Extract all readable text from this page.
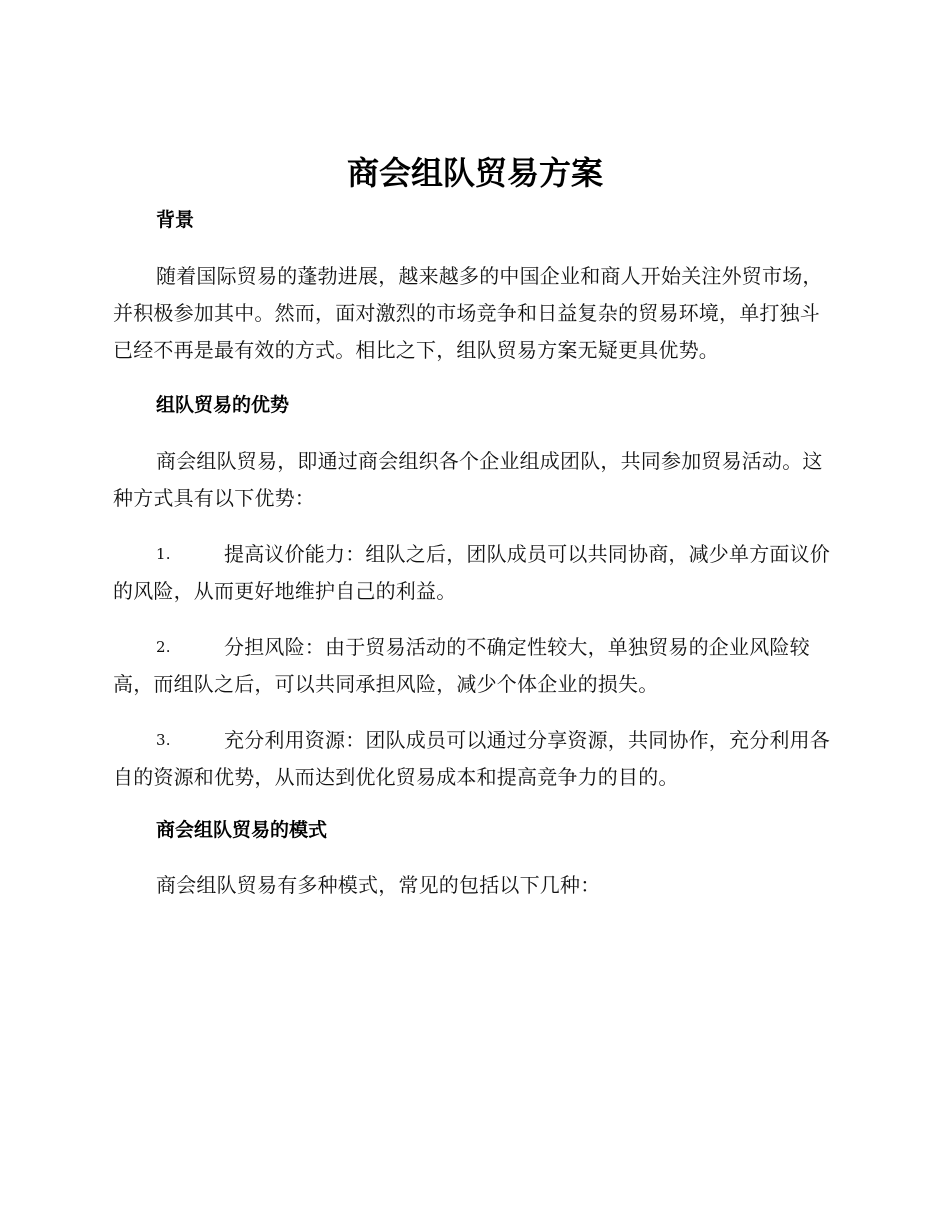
商会组队贸易方案
背景

随着国际贸易的蓬勃进展，越来越多的中国企业和商人开始关注外贸市场，并积极参加其中。然而，面对激烈的市场竞争和日益复杂的贸易环境，单打独斗已经不再是最有效的方式。相比之下，组队贸易方案无疑更具优势。

组队贸易的优势

商会组队贸易，即通过商会组织各个企业组成团队，共同参加贸易活动。这种方式具有以下优势：

1.	提高议价能力：组队之后，团队成员可以共同协商，减少单方面议价的风险，从而更好地维护自己的利益。
2.	分担风险：由于贸易活动的不确定性较大，单独贸易的企业风险较高，而组队之后，可以共同承担风险，减少个体企业的损失。
3.	充分利用资源：团队成员可以通过分享资源，共同协作，充分利用各自的资源和优势，从而达到优化贸易成本和提高竞争力的目的。
商会组队贸易的模式

商会组队贸易有多种模式，常见的包括以下几种：
